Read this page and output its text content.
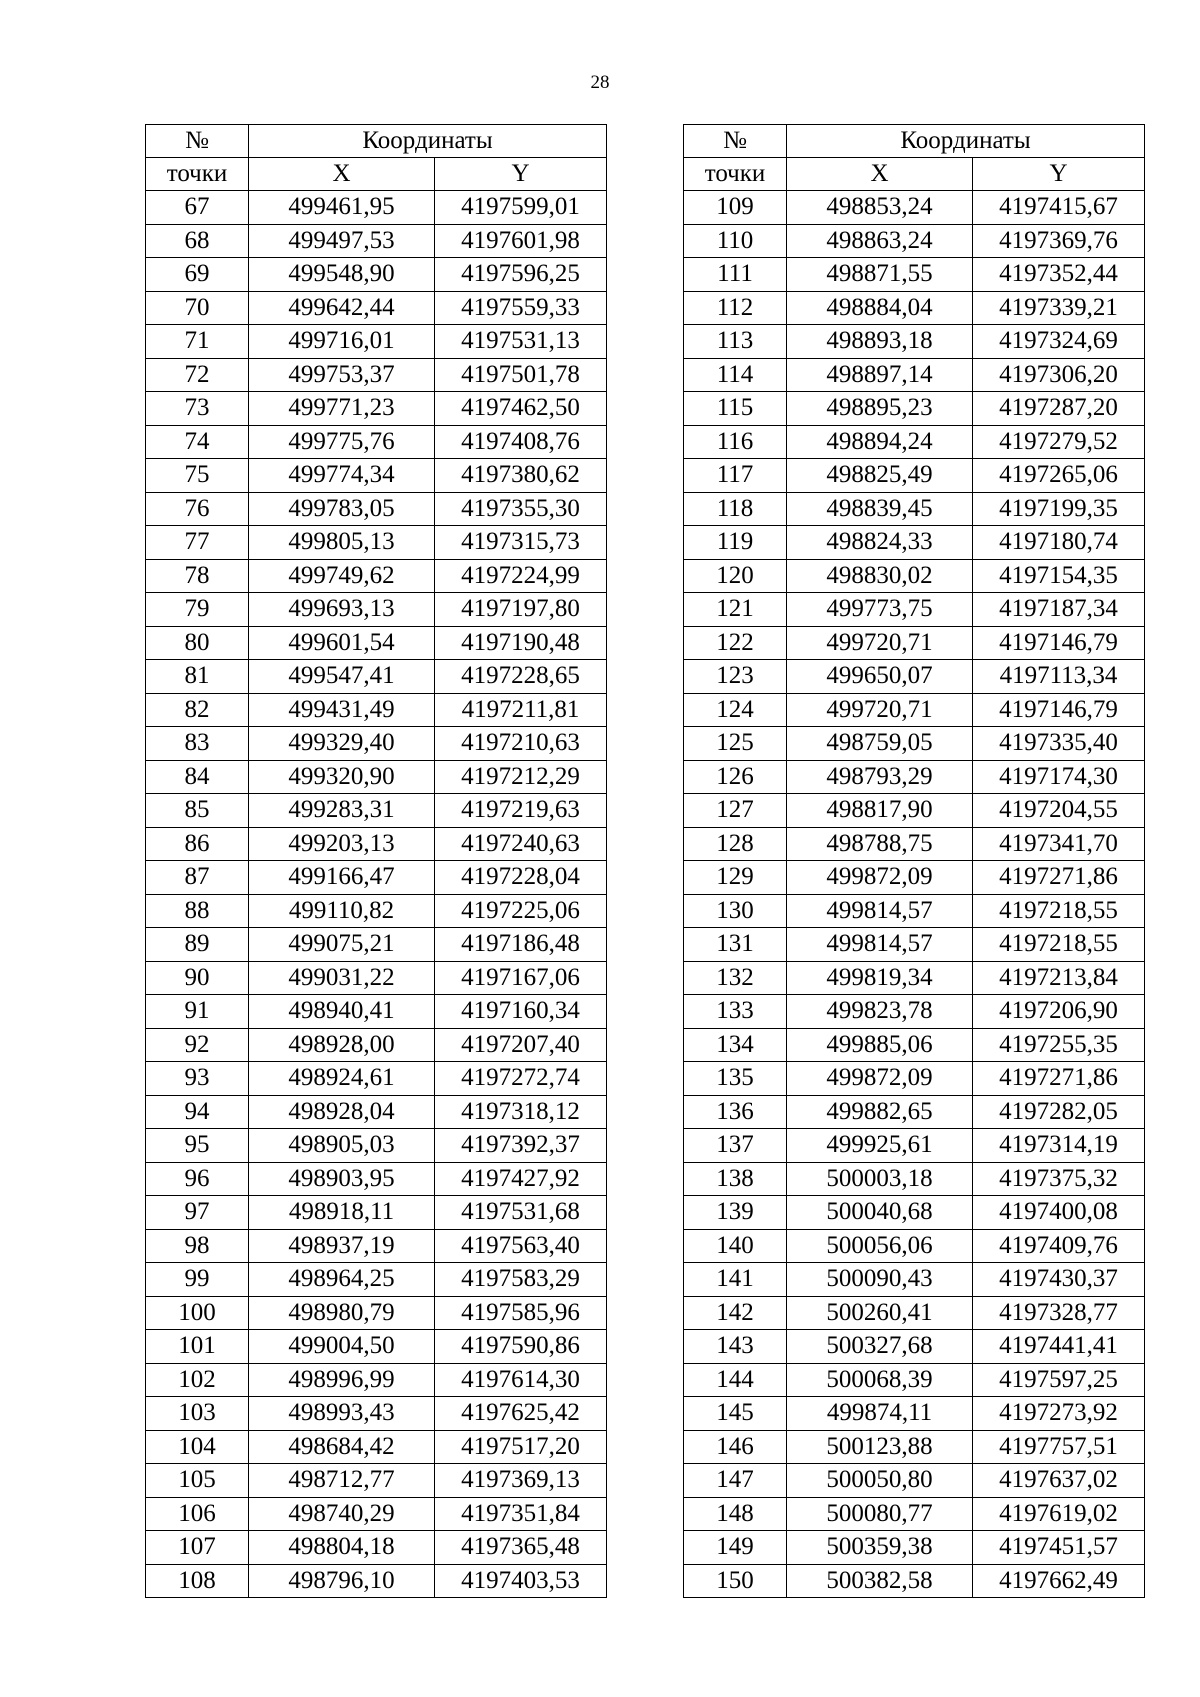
28
№	Координаты	
точки	X	Y
67	499461,95	4197599,01
68	499497,53	4197601,98
69	499548,90	4197596,25
70	499642,44	4197559,33
71	499716,01	4197531,13
72	499753,37	4197501,78
73	499771,23	4197462,50
74	499775,76	4197408,76
75	499774,34	4197380,62
76	499783,05	4197355,30
77	499805,13	4197315,73
78	499749,62	4197224,99
79	499693,13	4197197,80
80	499601,54	4197190,48
81	499547,41	4197228,65
82	499431,49	4197211,81
83	499329,40	4197210,63
84	499320,90	4197212,29
85	499283,31	4197219,63
86	499203,13	4197240,63
87	499166,47	4197228,04
88	499110,82	4197225,06
89	499075,21	4197186,48
90	499031,22	4197167,06
91	498940,41	4197160,34
92	498928,00	4197207,40
93	498924,61	4197272,74
94	498928,04	4197318,12
95	498905,03	4197392,37
96	498903,95	4197427,92
97	498918,11	4197531,68
98	498937,19	4197563,40
99	498964,25	4197583,29
100	498980,79	4197585,96
101	499004,50	4197590,86
102	498996,99	4197614,30
103	498993,43	4197625,42
104	498684,42	4197517,20
105	498712,77	4197369,13
106	498740,29	4197351,84
107	498804,18	4197365,48
108	498796,10	4197403,53
№	Координаты	
точки	X	Y
109	498853,24	4197415,67
110	498863,24	4197369,76
111	498871,55	4197352,44
112	498884,04	4197339,21
113	498893,18	4197324,69
114	498897,14	4197306,20
115	498895,23	4197287,20
116	498894,24	4197279,52
117	498825,49	4197265,06
118	498839,45	4197199,35
119	498824,33	4197180,74
120	498830,02	4197154,35
121	499773,75	4197187,34
122	499720,71	4197146,79
123	499650,07	4197113,34
124	499720,71	4197146,79
125	498759,05	4197335,40
126	498793,29	4197174,30
127	498817,90	4197204,55
128	498788,75	4197341,70
129	499872,09	4197271,86
130	499814,57	4197218,55
131	499814,57	4197218,55
132	499819,34	4197213,84
133	499823,78	4197206,90
134	499885,06	4197255,35
135	499872,09	4197271,86
136	499882,65	4197282,05
137	499925,61	4197314,19
138	500003,18	4197375,32
139	500040,68	4197400,08
140	500056,06	4197409,76
141	500090,43	4197430,37
142	500260,41	4197328,77
143	500327,68	4197441,41
144	500068,39	4197597,25
145	499874,11	4197273,92
146	500123,88	4197757,51
147	500050,80	4197637,02
148	500080,77	4197619,02
149	500359,38	4197451,57
150	500382,58	4197662,49
